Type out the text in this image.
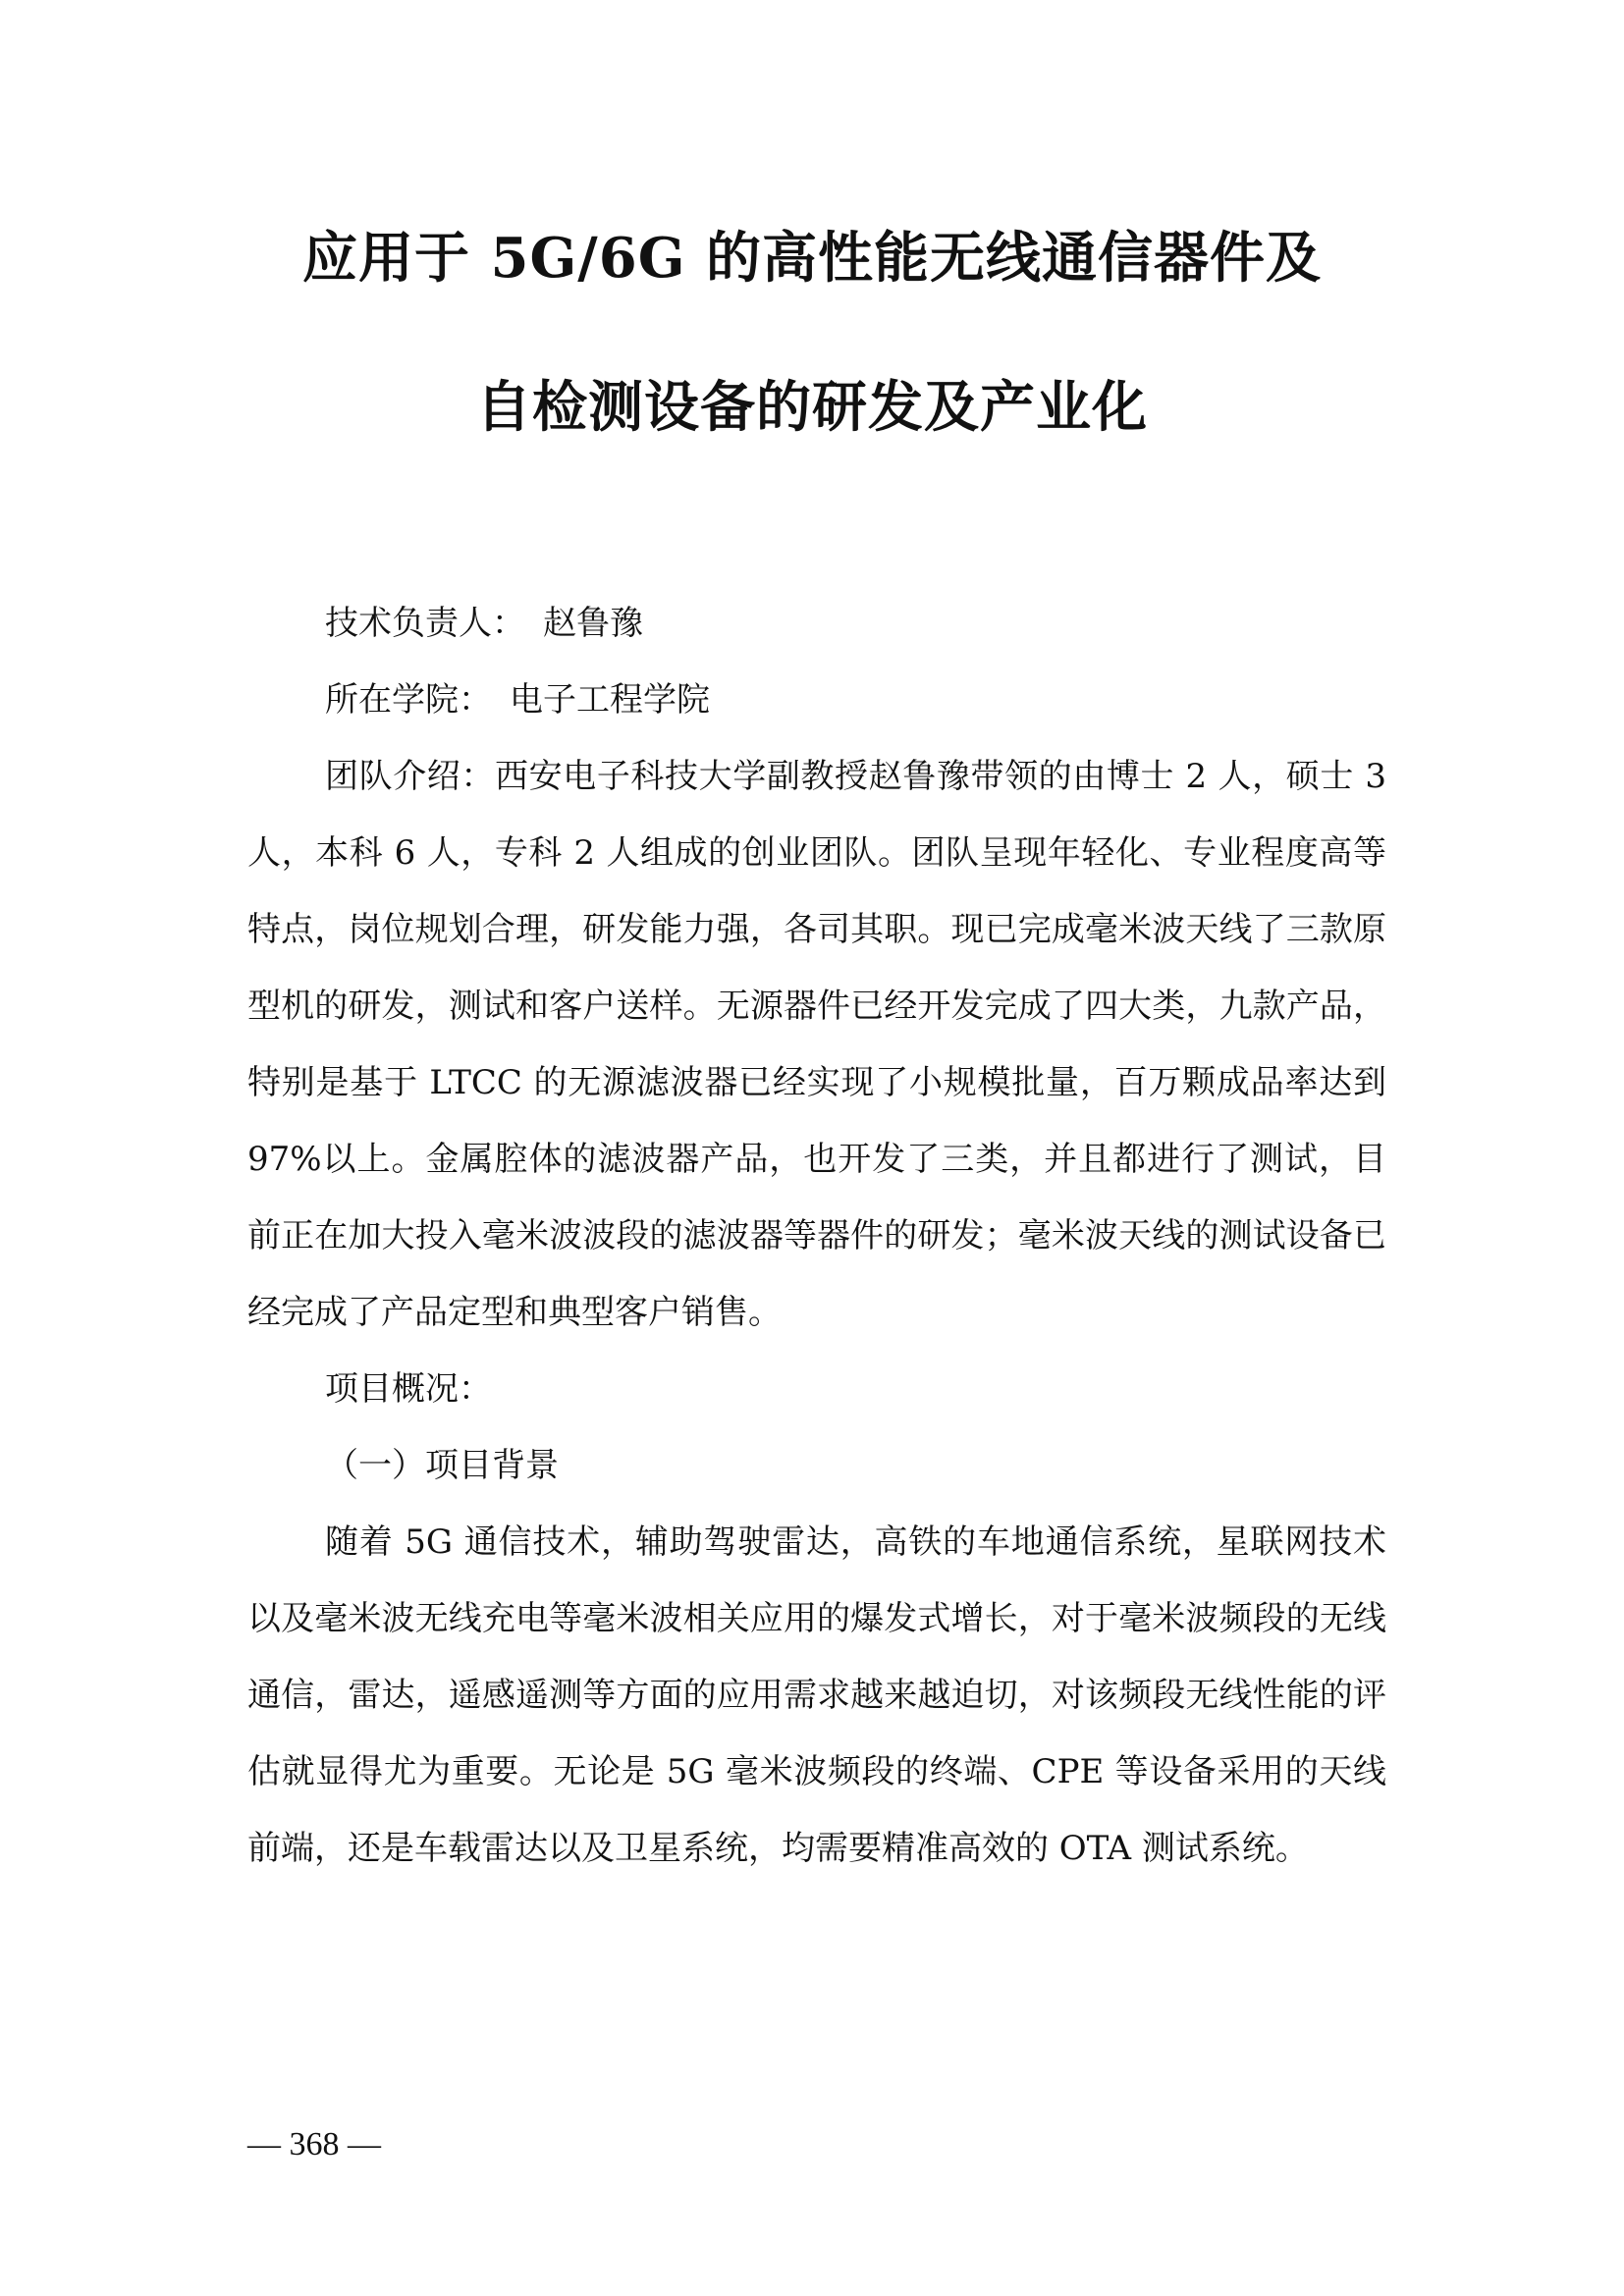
应用于 5G/6G 的高性能无线通信器件及
自检测设备的研发及产业化

技术负责人： 赵鲁豫

所在学院： 电子工程学院

团队介绍：西安电子科技大学副教授赵鲁豫带领的由博士 2 人，硕士 3 人，本科 6 人，专科 2 人组成的创业团队。团队呈现年轻化、专业程度高等特点，岗位规划合理，研发能力强，各司其职。现已完成毫米波天线了三款原型机的研发，测试和客户送样。无源器件已经开发完成了四大类，九款产品，特别是基于 LTCC 的无源滤波器已经实现了小规模批量，百万颗成品率达到 97%以上。金属腔体的滤波器产品，也开发了三类，并且都进行了测试，目前正在加大投入毫米波波段的滤波器等器件的研发；毫米波天线的测试设备已经完成了产品定型和典型客户销售。

项目概况：

（一）项目背景

随着 5G 通信技术，辅助驾驶雷达，高铁的车地通信系统，星联网技术以及毫米波无线充电等毫米波相关应用的爆发式增长，对于毫米波频段的无线通信，雷达，遥感遥测等方面的应用需求越来越迫切，对该频段无线性能的评估就显得尤为重要。无论是 5G 毫米波频段的终端、CPE 等设备采用的天线前端，还是车载雷达以及卫星系统，均需要精准高效的 OTA 测试系统。

— 368 —
